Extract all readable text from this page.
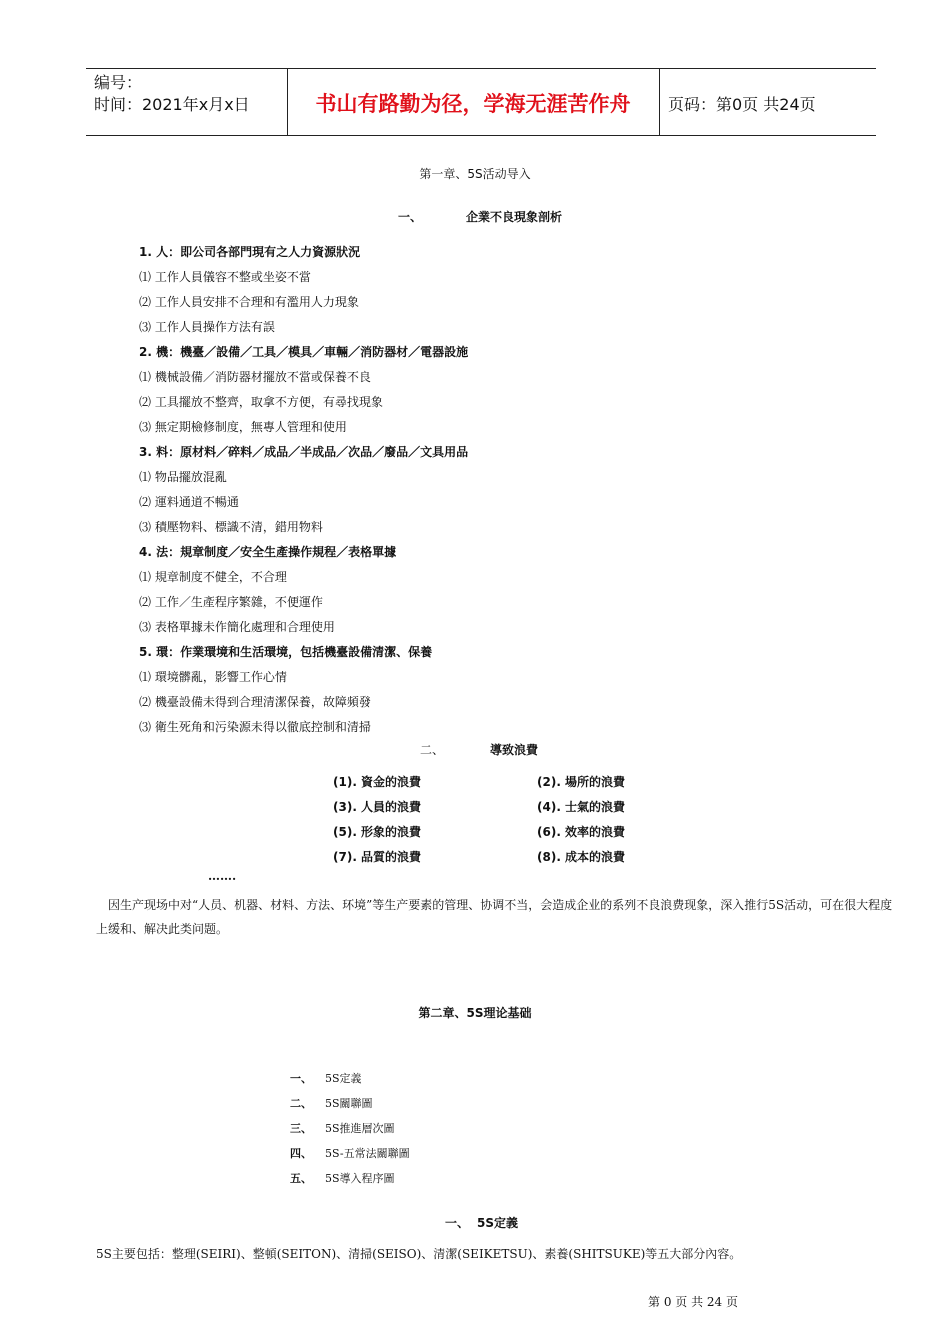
编号：
时间：2021年x月x日	书山有路勤为径，学海无涯苦作舟	页码：第0页 共24页
第一章、5S活动导入
一、	企業不良現象剖析
1. 人：即公司各部門現有之人力資源狀況
⑴ 工作人員儀容不整或坐姿不當
⑵ 工作人員安排不合理和有濫用人力現象
⑶ 工作人員操作方法有誤
2. 機：機臺／設備／工具／模具／車輛／消防器材／電器設施
⑴ 機械設備／消防器材擺放不當或保養不良
⑵ 工具擺放不整齊，取拿不方便，有尋找現象
⑶ 無定期檢修制度，無專人管理和使用
3. 料：原材料／碎料／成品／半成品／次品／廢品／文具用品
⑴ 物品擺放混亂
⑵ 運料通道不暢通
⑶ 積壓物料、標識不清，錯用物料
4. 法：規章制度／安全生產操作規程／表格單據
⑴ 規章制度不健全，不合理
⑵ 工作／生產程序繁雜，不便運作
⑶ 表格單據未作簡化處理和合理使用
5. 環：作業環境和生活環境，包括機臺設備清潔、保養
⑴ 環境髒亂，影響工作心情
⑵ 機臺設備未得到合理清潔保養，故障頻發
⑶ 衛生死角和污染源未得以徹底控制和清掃
二、	導致浪費
(1). 資金的浪費	(2). 場所的浪費
(3). 人員的浪費	(4). 士氣的浪費
(5). 形象的浪費	(6). 效率的浪費
(7). 品質的浪費	(8). 成本的浪費
…….
因生产现场中对“人员、机器、材料、方法、环境”等生产要素的管理、协调不当，会造成企业的系列不良浪费现象，深入推行5S活动，可在很大程度上缓和、解决此类问题。
第二章、5S理论基础
一、 5S定義
二、 5S關聯圖
三、 5S推進層次圖
四、 5S-五常法關聯圖
五、 5S導入程序圖
一、 5S定義
5S主要包括：整理(SEIRI)、整頓(SEITON)、清掃(SEISO)、清潔(SEIKETSU)、素養(SHITSUKE)等五大部分內容。
第 0 页 共 24 页
